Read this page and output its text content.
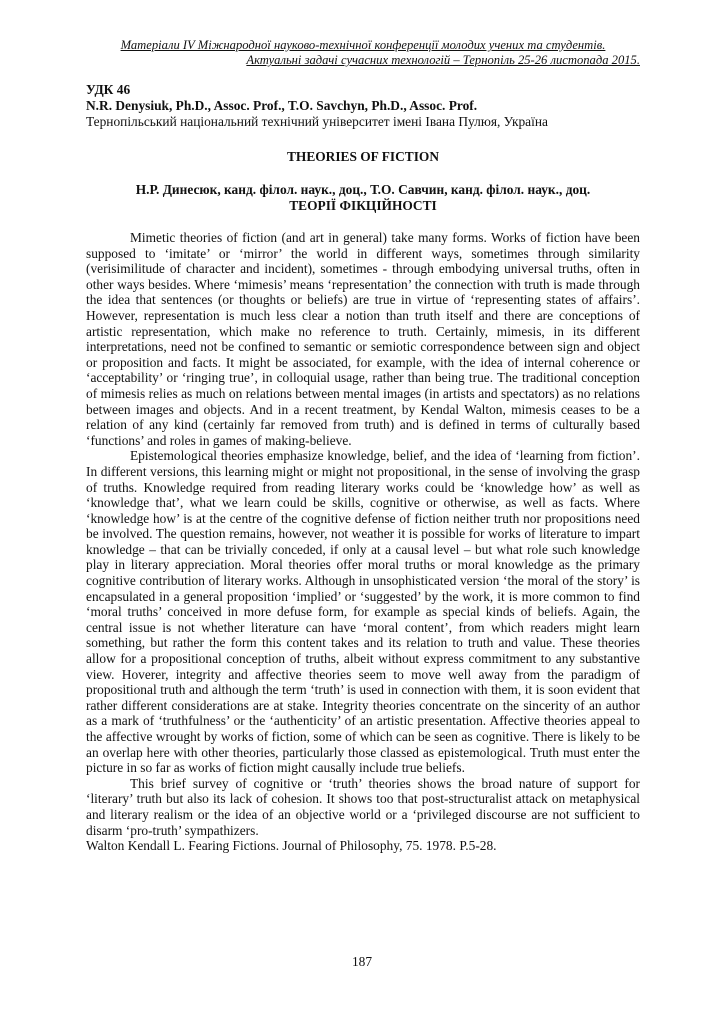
Матеріали IV Міжнародної науково-технічної конференції молодих учених та студентів.
Актуальні задачі сучасних технологій – Тернопіль 25-26 листопада 2015.
УДК 46
N.R. Denysiuk, Ph.D., Assoc. Prof., T.O. Savchyn, Ph.D., Assoc. Prof.
Тернопільський національний технічний університет імені Івана Пулюя, Україна
THEORIES OF FICTION
Н.Р. Динесюк, канд. філол. наук., доц., Т.О. Савчин, канд. філол. наук., доц.
ТЕОРІЇ ФІКЦІЙНОСТІ

Mimetic theories of fiction (and art in general) take many forms. Works of fiction have been supposed to ‘imitate’ or ‘mirror’ the world in different ways, sometimes through similarity (verisimilitude of character and incident), sometimes - through embodying universal truths, often in other ways besides. Where ‘mimesis’ means ‘representation’ the connection with truth is made through the idea that sentences (or thoughts or beliefs) are true in virtue of ‘representing states of affairs’. However, representation is much less clear a notion than truth itself and there are conceptions of artistic representation, which make no reference to truth. Certainly, mimesis, in its different interpretations, need not be confined to semantic or semiotic correspondence between sign and object or proposition and facts. It might be associated, for example, with the idea of internal coherence or ‘acceptability’ or ‘ringing true’, in colloquial usage, rather than being true. The traditional conception of mimesis relies as much on relations between mental images (in artists and spectators) as no relations between images and objects. And in a recent treatment, by Kendal Walton, mimesis ceases to be a relation of any kind (certainly far removed from truth) and is defined in terms of culturally based ‘functions’ and roles in games of making-believe.

Epistemological theories emphasize knowledge, belief, and the idea of ‘learning from fiction’. In different versions, this learning might or might not propositional, in the sense of involving the grasp of truths. Knowledge required from reading literary works could be ‘knowledge how’ as well as ‘knowledge that’, what we learn could be skills, cognitive or otherwise, as well as facts. Where ‘knowledge how’ is at the centre of the cognitive defense of fiction neither truth nor propositions need be involved. The question remains, however, not weather it is possible for works of literature to impart knowledge – that can be trivially conceded, if only at a causal level – but what role such knowledge play in literary appreciation. Moral theories offer moral truths or moral knowledge as the primary cognitive contribution of literary works. Although in unsophisticated version ‘the moral of the story’ is encapsulated in a general proposition ‘implied’ or ‘suggested’ by the work, it is more common to find ‘moral truths’ conceived in more defuse form, for example as special kinds of beliefs. Again, the central issue is not whether literature can have ‘moral content’, from which readers might learn something, but rather the form this content takes and its relation to truth and value. These theories allow for a propositional conception of truths, albeit without express commitment to any substantive view. Hoverer, integrity and affective theories seem to move well away from the paradigm of propositional truth and although the term ‘truth’ is used in connection with them, it is soon evident that rather different considerations are at stake. Integrity theories concentrate on the sincerity of an author as a mark of ‘truthfulness’ or the ‘authenticity’ of an artistic presentation. Affective theories appeal to the affective wrought by works of fiction, some of which can be seen as cognitive. There is likely to be an overlap here with other theories, particularly those classed as epistemological. Truth must enter the picture in so far as works of fiction might causally include true beliefs.

This brief survey of cognitive or ‘truth’ theories shows the broad nature of support for ‘literary’ truth but also its lack of cohesion. It shows too that post-structuralist attack on metaphysical and literary realism or the idea of an objective world or a ‘privileged discourse are not sufficient to disarm ‘pro-truth’ sympathizers.

Walton Kendall L. Fearing Fictions. Journal of Philosophy, 75. 1978. P.5-28.

187
